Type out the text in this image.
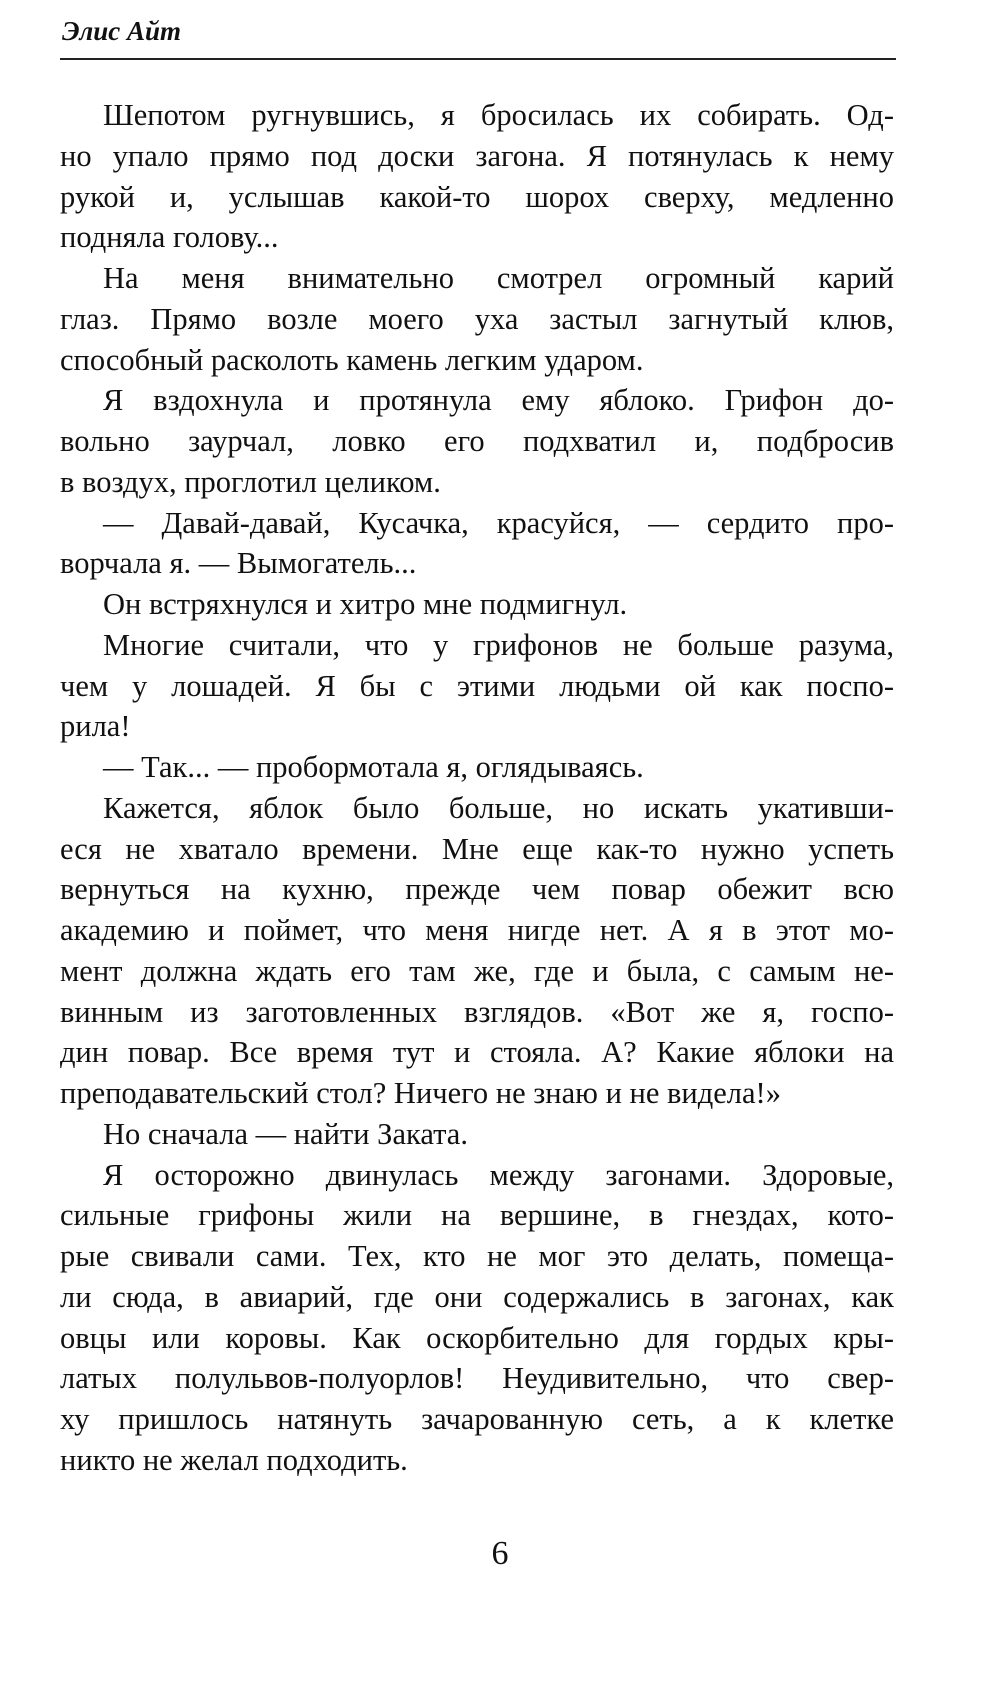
Элис Айт
Шепотом ругнувшись, я бросилась их собирать. Од-
но упало прямо под доски загона. Я потянулась к нему
рукой и, услышав какой-то шорох сверху, медленно
подняла голову...
На меня внимательно смотрел огромный карий
глаз. Прямо возле моего уха застыл загнутый клюв,
способный расколоть камень легким ударом.
Я вздохнула и протянула ему яблоко. Грифон до-
вольно заурчал, ловко его подхватил и, подбросив
в воздух, проглотил целиком.
— Давай-давай, Кусачка, красуйся, — сердито про-
ворчала я. — Вымогатель...
Он встряхнулся и хитро мне подмигнул.
Многие считали, что у грифонов не больше разума,
чем у лошадей. Я бы с этими людьми ой как поспо-
рила!
— Так... — пробормотала я, оглядываясь.
Кажется, яблок было больше, но искать укативши-
еся не хватало времени. Мне еще как-то нужно успеть
вернуться на кухню, прежде чем повар обежит всю
академию и поймет, что меня нигде нет. А я в этот мо-
мент должна ждать его там же, где и была, с самым не-
винным из заготовленных взглядов. «Вот же я, госпо-
дин повар. Все время тут и стояла. А? Какие яблоки на
преподавательский стол? Ничего не знаю и не видела!»
Но сначала — найти Заката.
Я осторожно двинулась между загонами. Здоровые,
сильные грифоны жили на вершине, в гнездах, кото-
рые свивали сами. Тех, кто не мог это делать, помеща-
ли сюда, в авиарий, где они содержались в загонах, как
овцы или коровы. Как оскорбительно для гордых кры-
латых полульвов-полуорлов! Неудивительно, что свер-
ху пришлось натянуть зачарованную сеть, а к клетке
никто не желал подходить.
6
